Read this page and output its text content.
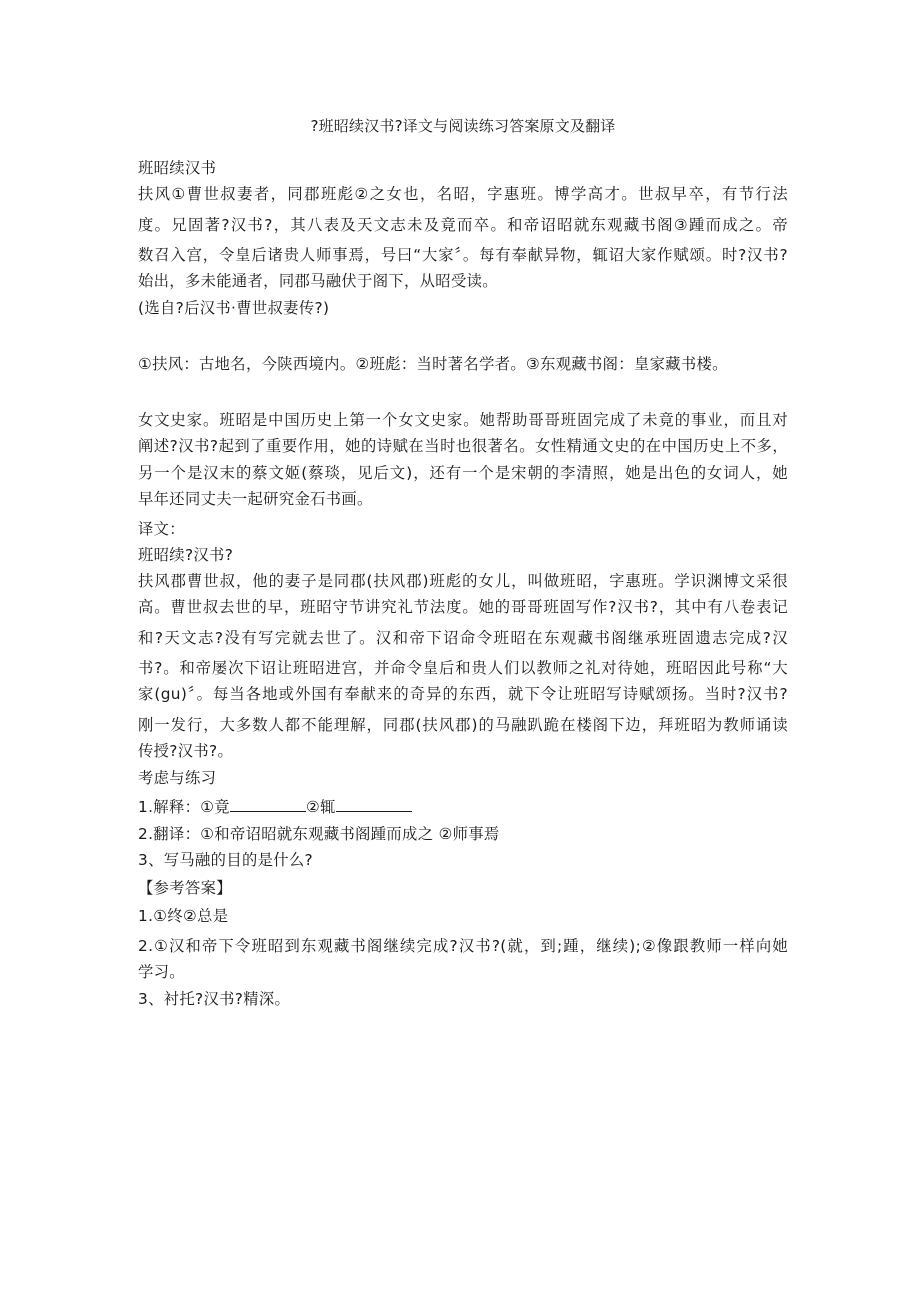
?班昭续汉书?译文与阅读练习答案原文及翻译
班昭续汉书
扶风①曹世叔妻者，同郡班彪②之女也，名昭，字惠班。博学高才。世叔早卒，有节行法
度。兄固著?汉书?，其八表及天文志未及竟而卒。和帝诏昭就东观藏书阁③踵而成之。帝
数召入宫，令皇后诸贵人师事焉，号曰“大家〞。每有奉献异物，辄诏大家作赋颂。时?汉书?
始出，多未能通者，同郡马融伏于阁下，从昭受读。
(选自?后汉书·曹世叔妻传?)
①扶风：古地名，今陕西境内。②班彪：当时著名学者。③东观藏书阁：皇家藏书楼。
女文史家。班昭是中国历史上第一个女文史家。她帮助哥哥班固完成了未竟的事业，而且对
阐述?汉书?起到了重要作用，她的诗赋在当时也很著名。女性精通文史的在中国历史上不多，
另一个是汉末的蔡文姬(蔡琰，见后文)，还有一个是宋朝的李清照，她是出色的女词人，她
早年还同丈夫一起研究金石书画。
译文：
班昭续?汉书?
扶风郡曹世叔，他的妻子是同郡(扶风郡)班彪的女儿，叫做班昭，字惠班。学识渊博文采很
高。曹世叔去世的早，班昭守节讲究礼节法度。她的哥哥班固写作?汉书?，其中有八卷表记
和?天文志?没有写完就去世了。汉和帝下诏命令班昭在东观藏书阁继承班固遗志完成?汉
书?。和帝屡次下诏让班昭进宫，并命令皇后和贵人们以教师之礼对待她，班昭因此号称“大
家(gu)〞。每当各地或外国有奉献来的奇异的东西，就下令让班昭写诗赋颂扬。当时?汉书?
刚一发行，大多数人都不能理解，同郡(扶风郡)的马融趴跪在楼阁下边，拜班昭为教师诵读
传授?汉书?。
考虑与练习
1.解释：①竟	②辄
2.翻译：①和帝诏昭就东观藏书阁踵而成之 ②师事焉
3、写马融的目的是什么?
【参考答案】
1.①终②总是
2.①汉和帝下令班昭到东观藏书阁继续完成?汉书?(就，到;踵，继续);②像跟教师一样向她
学习。
3、衬托?汉书?精深。
